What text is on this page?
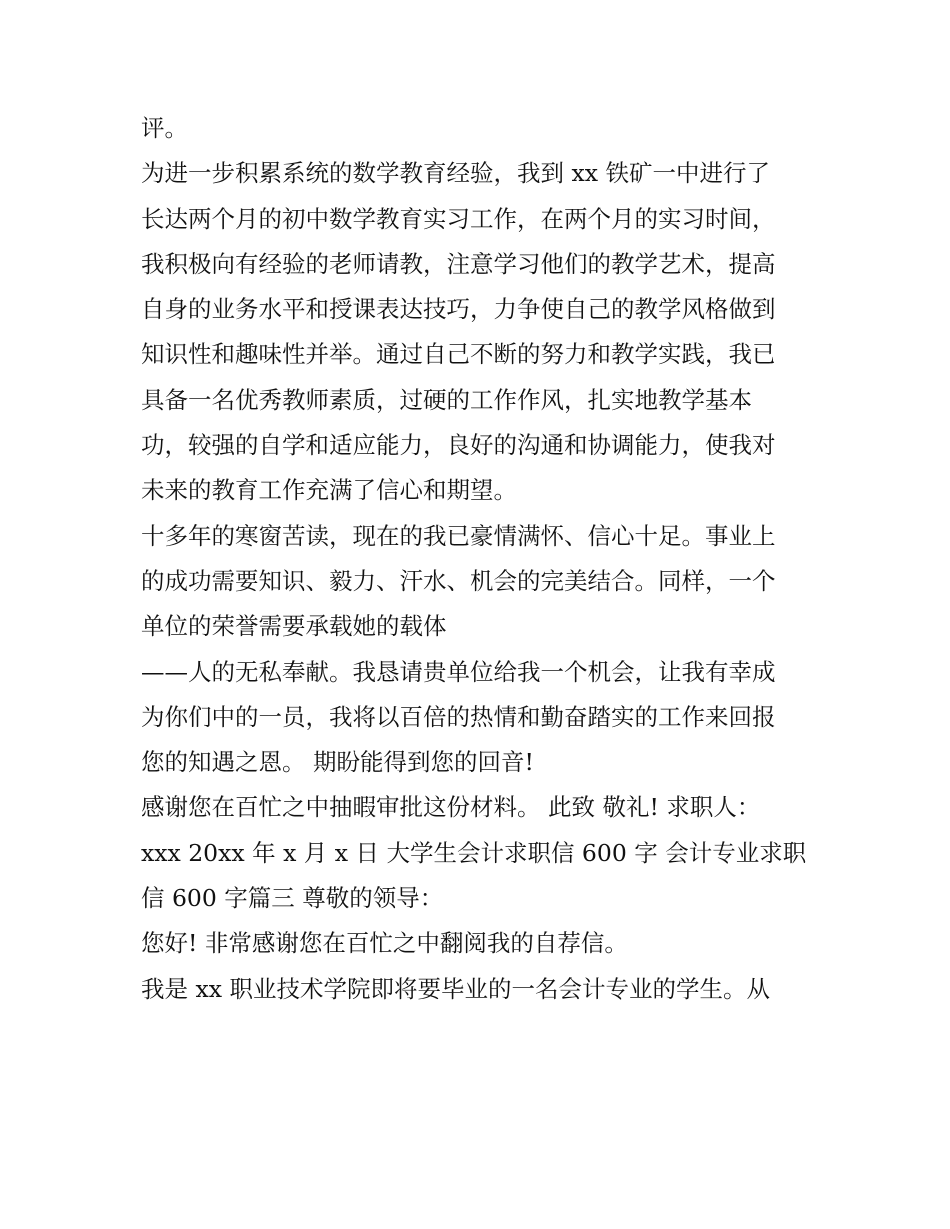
评。
为进一步积累系统的数学教育经验，我到 xx 铁矿一中进行了
长达两个月的初中数学教育实习工作，在两个月的实习时间，
我积极向有经验的老师请教，注意学习他们的教学艺术，提高
自身的业务水平和授课表达技巧，力争使自己的教学风格做到
知识性和趣味性并举。通过自己不断的努力和教学实践，我已
具备一名优秀教师素质，过硬的工作作风，扎实地教学基本
功，较强的自学和适应能力，良好的沟通和协调能力，使我对
未来的教育工作充满了信心和期望。
十多年的寒窗苦读，现在的我已豪情满怀、信心十足。事业上
的成功需要知识、毅力、汗水、机会的完美结合。同样，一个
单位的荣誉需要承载她的载体
——人的无私奉献。我恳请贵单位给我一个机会，让我有幸成
为你们中的一员，我将以百倍的热情和勤奋踏实的工作来回报
您的知遇之恩。 期盼能得到您的回音!
感谢您在百忙之中抽暇审批这份材料。 此致 敬礼! 求职人：
xxx 20xx 年 x 月 x 日 大学生会计求职信 600 字 会计专业求职
信 600 字篇三 尊敬的领导：
您好! 非常感谢您在百忙之中翻阅我的自荐信。
我是 xx 职业技术学院即将要毕业的一名会计专业的学生。从
